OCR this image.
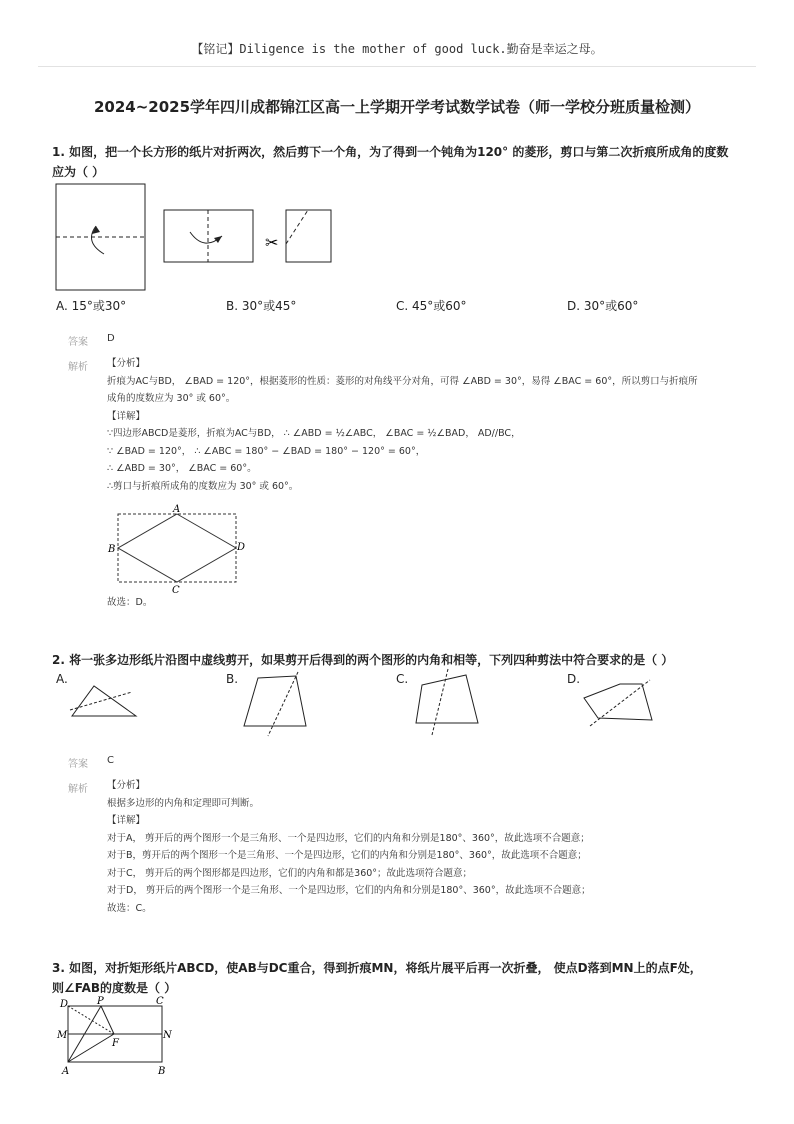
【铭记】Diligence is the mother of good luck.勤奋是幸运之母。
2024~2025学年四川成都锦江区高一上学期开学考试数学试卷（师一学校分班质量检测）
1. 如图，把一个长方形的纸片对折两次，然后剪下一个角，为了得到一个钝角为120° 的菱形，剪口与第二次折痕所成角的度数
应为（ ）
✂
A. 15°或30°	B. 30°或45°	C. 45°或60°	D. 30°或60°
答案 D
解析 【分析】
折痕为AC与BD， ∠BAD = 120°，根据菱形的性质：菱形的对角线平分对角，可得 ∠ABD = 30°，易得 ∠BAC = 60°，所以剪口与折痕所
成角的度数应为 30° 或 60°。
【详解】
∵四边形ABCD是菱形，折痕为AC与BD， ∴ ∠ABD = ½∠ABC， ∠BAC = ½∠BAD， AD//BC，
∵ ∠BAD = 120°， ∴ ∠ABC = 180° − ∠BAD = 180° − 120° = 60°，
∴ ∠ABD = 30°， ∠BAC = 60°。
∴剪口与折痕所成角的度数应为 30° 或 60°。
A
B
C
D
故选：D。
2. 将一张多边形纸片沿图中虚线剪开，如果剪开后得到的两个图形的内角和相等，下列四种剪法中符合要求的是（ ）
A.	B.	C.	D.
答案 C
解析 【分析】
根据多边形的内角和定理即可判断。
【详解】
对于A， 剪开后的两个图形一个是三角形、一个是四边形，它们的内角和分别是180°、360°，故此选项不合题意；
对于B，剪开后的两个图形一个是三角形、一个是四边形，它们的内角和分别是180°、360°，故此选项不合题意；
对于C， 剪开后的两个图形都是四边形，它们的内角和都是360°；故此选项符合题意；
对于D， 剪开后的两个图形一个是三角形、一个是四边形，它们的内角和分别是180°、360°，故此选项不合题意；
故选：C。
3. 如图，对折矩形纸片ABCD，使AB与DC重合，得到折痕MN，将纸片展平后再一次折叠， 使点D落到MN上的点F处，
则∠FAB的度数是（ ）
D	P	C
M	N
F
A	B
